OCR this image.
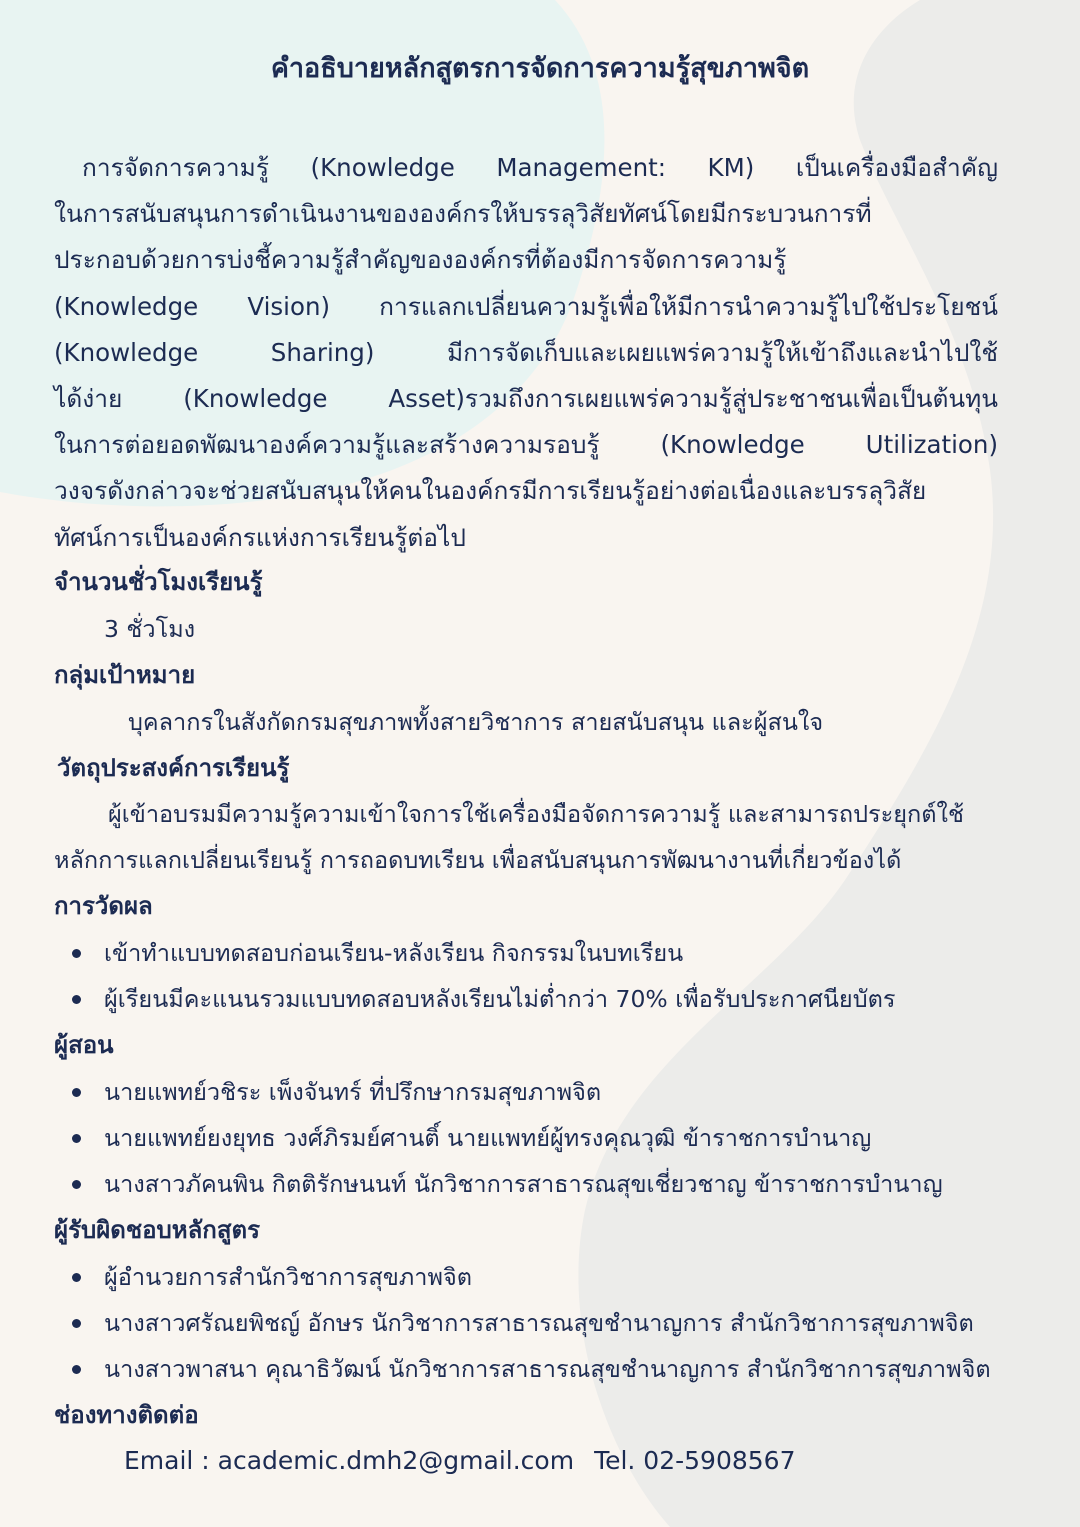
คำอธิบายหลักสูตรการจัดการความรู้สุขภาพจิต
การจัดการความรู้ (Knowledge Management: KM) เป็นเครื่องมือสำคัญ
ในการสนับสนุนการดำเนินงานขององค์กรให้บรรลุวิสัยทัศน์โดยมีกระบวนการที่
ประกอบด้วยการบ่งชี้ความรู้สำคัญขององค์กรที่ต้องมีการจัดการความรู้
(Knowledge Vision) การแลกเปลี่ยนความรู้เพื่อให้มีการนำความรู้ไปใช้ประโยชน์
(Knowledge Sharing) มีการจัดเก็บและเผยแพร่ความรู้ให้เข้าถึงและนำไปใช้
ได้ง่าย (Knowledge Asset)รวมถึงการเผยแพร่ความรู้สู่ประชาชนเพื่อเป็นต้นทุน
ในการต่อยอดพัฒนาองค์ความรู้และสร้างความรอบรู้ (Knowledge Utilization)
วงจรดังกล่าวจะช่วยสนับสนุนให้คนในองค์กรมีการเรียนรู้อย่างต่อเนื่องและบรรลุวิสัย
ทัศน์การเป็นองค์กรแห่งการเรียนรู้ต่อไป
จำนวนชั่วโมงเรียนรู้
3 ชั่วโมง
กลุ่มเป้าหมาย
บุคลากรในสังกัดกรมสุขภาพทั้งสายวิชาการ สายสนับสนุน และผู้สนใจ
วัตถุประสงค์การเรียนรู้
ผู้เข้าอบรมมีความรู้ความเข้าใจการใช้เครื่องมือจัดการความรู้ และสามารถประยุกต์ใช้
หลักการแลกเปลี่ยนเรียนรู้ การถอดบทเรียน เพื่อสนับสนุนการพัฒนางานที่เกี่ยวข้องได้
การวัดผล
เข้าทำแบบทดสอบก่อนเรียน-หลังเรียน กิจกรรมในบทเรียน
ผู้เรียนมีคะแนนรวมแบบทดสอบหลังเรียนไม่ต่ำกว่า 70% เพื่อรับประกาศนียบัตร
ผู้สอน
นายแพทย์วชิระ เพ็งจันทร์ ที่ปรึกษากรมสุขภาพจิต
นายแพทย์ยงยุทธ วงศ์ภิรมย์ศานติ์ นายแพทย์ผู้ทรงคุณวุฒิ ข้าราชการบำนาญ
นางสาวภัคนพิน กิตติรักษนนท์ นักวิชาการสาธารณสุขเชี่ยวชาญ ข้าราชการบำนาญ
ผู้รับผิดชอบหลักสูตร
ผู้อำนวยการสำนักวิชาการสุขภาพจิต
นางสาวศรัณยพิชญ์ อักษร นักวิชาการสาธารณสุขชำนาญการ สำนักวิชาการสุขภาพจิต
นางสาวพาสนา คุณาธิวัฒน์ นักวิชาการสาธารณสุขชำนาญการ สำนักวิชาการสุขภาพจิต
ช่องทางติดต่อ
Email : academic.dmh2@gmail.com Tel. 02-5908567
